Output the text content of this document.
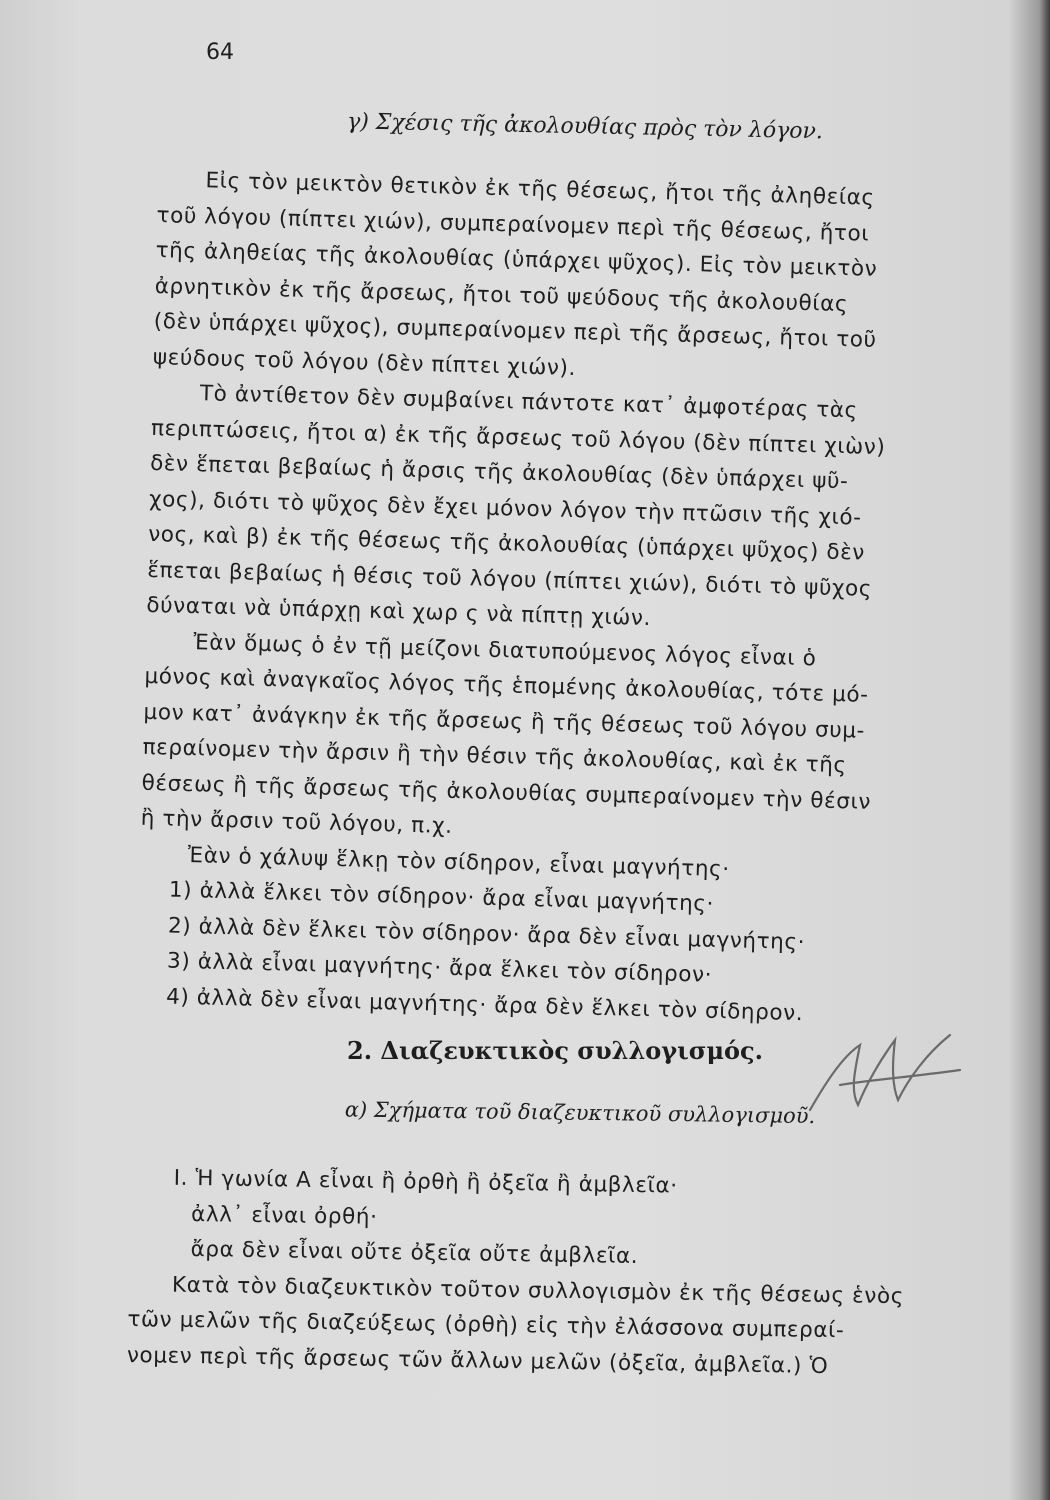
64
γ) Σχέσις τῆς ἀκολουθίας πρὸς τὸν λόγον.
Εἰς τὸν μεικτὸν θετικὸν ἐκ τῆς θέσεως, ἤτοι τῆς ἀληθείας
τοῦ λόγου (πίπτει χιών), συμπεραίνομεν περὶ τῆς θέσεως, ἤτοι
τῆς ἀληθείας τῆς ἀκολουθίας (ὑπάρχει ψῦχος). Εἰς τὸν μεικτὸν
ἀρνητικὸν ἐκ τῆς ἄρσεως, ἤτοι τοῦ ψεύδους τῆς ἀκολουθίας
(δὲν ὑπάρχει ψῦχος), συμπεραίνομεν περὶ τῆς ἄρσεως, ἤτοι τοῦ
ψεύδους τοῦ λόγου (δὲν πίπτει χιών).
Τὸ ἀντίθετον δὲν συμβαίνει πάντοτε κατ᾽ ἀμφοτέρας τὰς
περιπτώσεις, ἤτοι α) ἐκ τῆς ἄρσεως τοῦ λόγου (δὲν πίπτει χιὼν)
δὲν ἕπεται βεβαίως ἡ ἄρσις τῆς ἀκολουθίας (δὲν ὑπάρχει ψῦ-
χος), διότι τὸ ψῦχος δὲν ἔχει μόνον λόγον τὴν πτῶσιν τῆς χιό-
νος, καὶ β) ἐκ τῆς θέσεως τῆς ἀκολουθίας (ὑπάρχει ψῦχος) δὲν
ἕπεται βεβαίως ἡ θέσις τοῦ λόγου (πίπτει χιών), διότι τὸ ψῦχος
δύναται νὰ ὑπάρχῃ καὶ χωρ ς νὰ πίπτῃ χιών.
Ἐὰν ὅμως ὁ ἐν τῇ μείζονι διατυπούμενος λόγος εἶναι ὁ
μόνος καὶ ἀναγκαῖος λόγος τῆς ἑπομένης ἀκολουθίας, τότε μό-
μον κατ᾽ ἀνάγκην ἐκ τῆς ἄρσεως ἢ τῆς θέσεως τοῦ λόγου συμ-
περαίνομεν τὴν ἄρσιν ἢ τὴν θέσιν τῆς ἀκολουθίας, καὶ ἐκ τῆς
θέσεως ἢ τῆς ἄρσεως τῆς ἀκολουθίας συμπεραίνομεν τὴν θέσιν
ἢ τὴν ἄρσιν τοῦ λόγου, π.χ.
Ἐὰν ὁ χάλυψ ἕλκῃ τὸν σίδηρον, εἶναι μαγνήτης·
1) ἀλλὰ ἕλκει τὸν σίδηρον· ἄρα εἶναι μαγνήτης·
2) ἀλλὰ δὲν ἕλκει τὸν σίδηρον· ἄρα δὲν εἶναι μαγνήτης·
3) ἀλλὰ εἶναι μαγνήτης· ἄρα ἕλκει τὸν σίδηρον·
4) ἀλλὰ δὲν εἶναι μαγνήτης· ἄρα δὲν ἕλκει τὸν σίδηρον.
2. Διαζευκτικὸς συλλογισμός.
α) Σχήματα τοῦ διαζευκτικοῦ συλλογισμοῦ.
I. Ἡ γωνία Α εἶναι ἢ ὀρθὴ ἢ ὀξεῖα ἢ ἀμβλεῖα·
ἀλλ᾽ εἶναι ὀρθή·
ἄρα δὲν εἶναι οὔτε ὀξεῖα οὔτε ἀμβλεῖα.
Κατὰ τὸν διαζευκτικὸν τοῦτον συλλογισμὸν ἐκ τῆς θέσεως ἑνὸς
τῶν μελῶν τῆς διαζεύξεως (ὀρθὴ) εἰς τὴν ἐλάσσονα συμπεραί-
νομεν περὶ τῆς ἄρσεως τῶν ἄλλων μελῶν (ὀξεῖα, ἀμβλεῖα.) Ὁ
